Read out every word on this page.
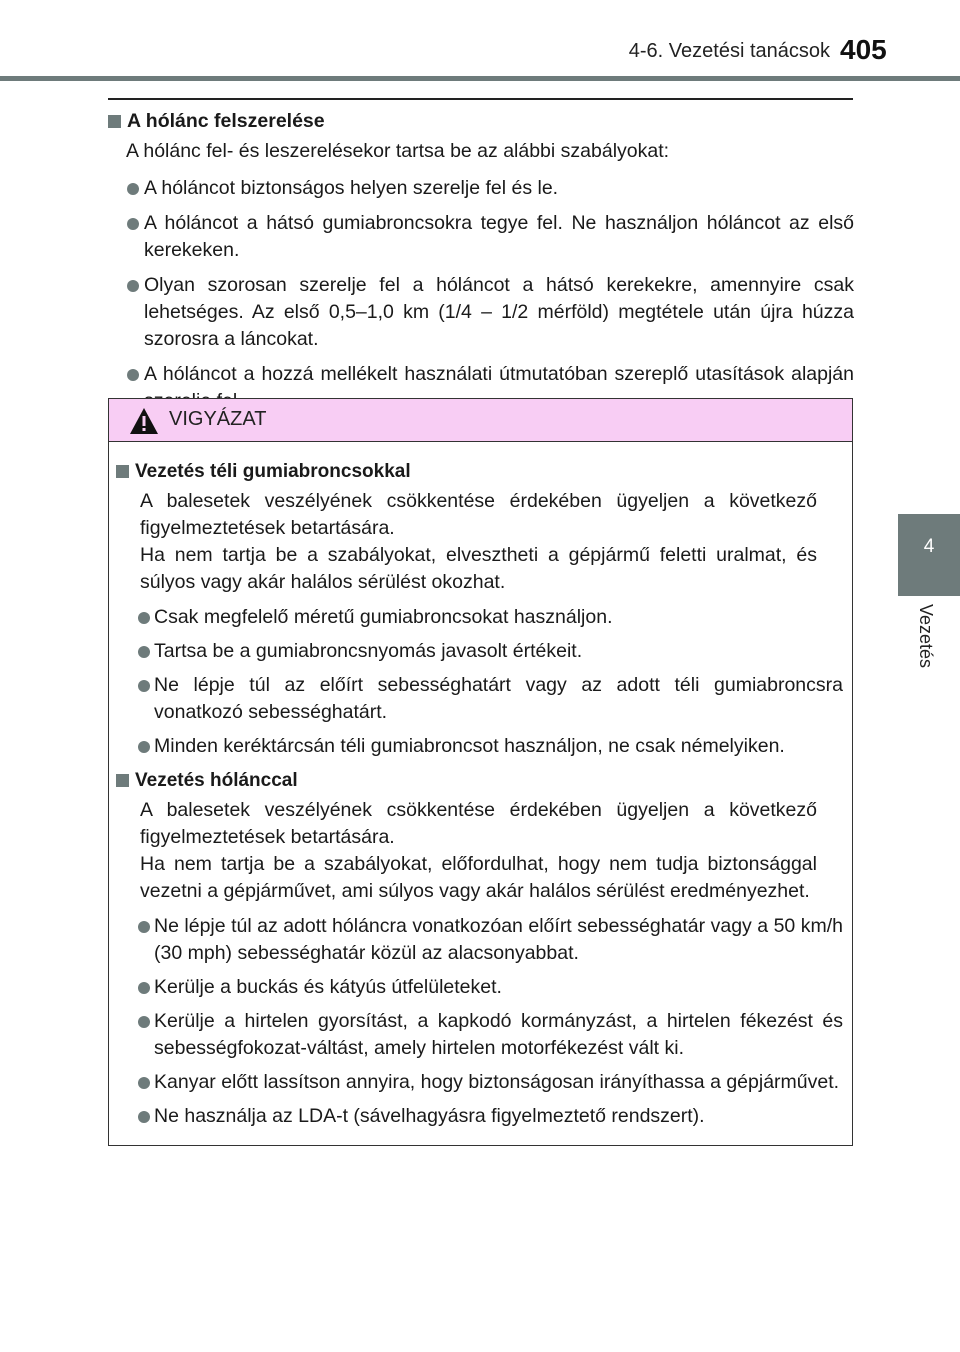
4-6. Vezetési tanácsok 405
4
Vezetés

A hólánc felszerelése

A hólánc fel- és leszerelésekor tartsa be az alábbi szabályokat:
A hóláncot biztonságos helyen szerelje fel és le.
A hóláncot a hátsó gumiabroncsokra tegye fel. Ne használjon hóláncot az első kerekeken.
Olyan szorosan szerelje fel a hóláncot a hátsó kerekekre, amennyire csak lehetséges. Az első 0,5–1,0 km (1/4 – 1/2 mérföld) megtétele után újra húzza szorosra a láncokat.
A hóláncot a hozzá mellékelt használati útmutatóban szereplő utasítások alapján
VIGYÁZAT

Vezetés téli gumiabroncsokkal

A balesetek veszélyének csökkentése érdekében ügyeljen a következő figyelmeztetések betartására.
Ha nem tartja be a szabályokat, elvesztheti a gépjármű feletti uralmat, és súlyos vagy akár halálos sérülést okozhat.
Csak megfelelő méretű gumiabroncsokat használjon.
Tartsa be a gumiabroncsnyomás javasolt értékeit.
Ne lépje túl az előírt sebességhatárt vagy az adott téli gumiabroncsra vonatkozó sebességhatárt.
Minden keréktárcsán téli gumiabroncsot használjon, ne csak némelyiken.

Vezetés hólánccal

A balesetek veszélyének csökkentése érdekében ügyeljen a következő figyelmeztetések betartására.
Ha nem tartja be a szabályokat, előfordulhat, hogy nem tudja biztonsággal vezetni a gépjárművet, ami súlyos vagy akár halálos sérülést eredményezhet.
Ne lépje túl az adott hóláncra vonatkozóan előírt sebességhatár vagy a 50 km/h (30 mph) sebességhatár közül az alacsonyabbat.
Kerülje a buckás és kátyús útfelületeket.
Kerülje a hirtelen gyorsítást, a kapkodó kormányzást, a hirtelen fékezést és sebességfokozat-váltást, amely hirtelen motorfékezést vált ki.
Kanyar előtt lassítson annyira, hogy biztonságosan irányíthassa a gépjárművet.
Ne használja az LDA-t (sávelhagyásra figyelmeztető rendszert).
